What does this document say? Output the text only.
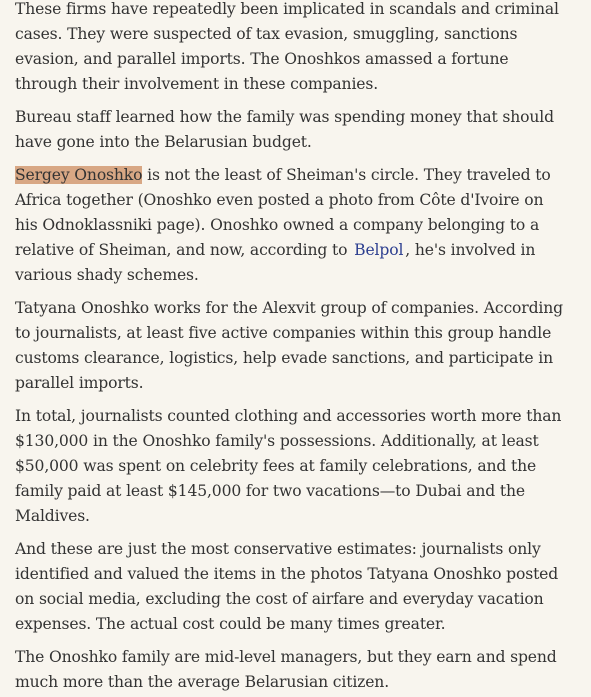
These firms have repeatedly been implicated in scandals and criminal cases. They were suspected of tax evasion, smuggling, sanctions evasion, and parallel imports. The Onoshkos amassed a fortune through their involvement in these companies.

Bureau staff learned how the family was spending money that should have gone into the Belarusian budget.

Sergey Onoshko is not the least of Sheiman's circle. They traveled to Africa together (Onoshko even posted a photo from Côte d'Ivoire on his Odnoklassniki page). Onoshko owned a company belonging to a relative of Sheiman, and now, according to Belpol , he's involved in various shady schemes.

Tatyana Onoshko works for the Alexvit group of companies. According to journalists, at least five active companies within this group handle customs clearance, logistics, help evade sanctions, and participate in parallel imports.

In total, journalists counted clothing and accessories worth more than $130,000 in the Onoshko family's possessions. Additionally, at least $50,000 was spent on celebrity fees at family celebrations, and the family paid at least $145,000 for two vacations—to Dubai and the Maldives.

And these are just the most conservative estimates: journalists only identified and valued the items in the photos Tatyana Onoshko posted on social media, excluding the cost of airfare and everyday vacation expenses. The actual cost could be many times greater.

The Onoshko family are mid-level managers, but they earn and spend much more than the average Belarusian citizen.
